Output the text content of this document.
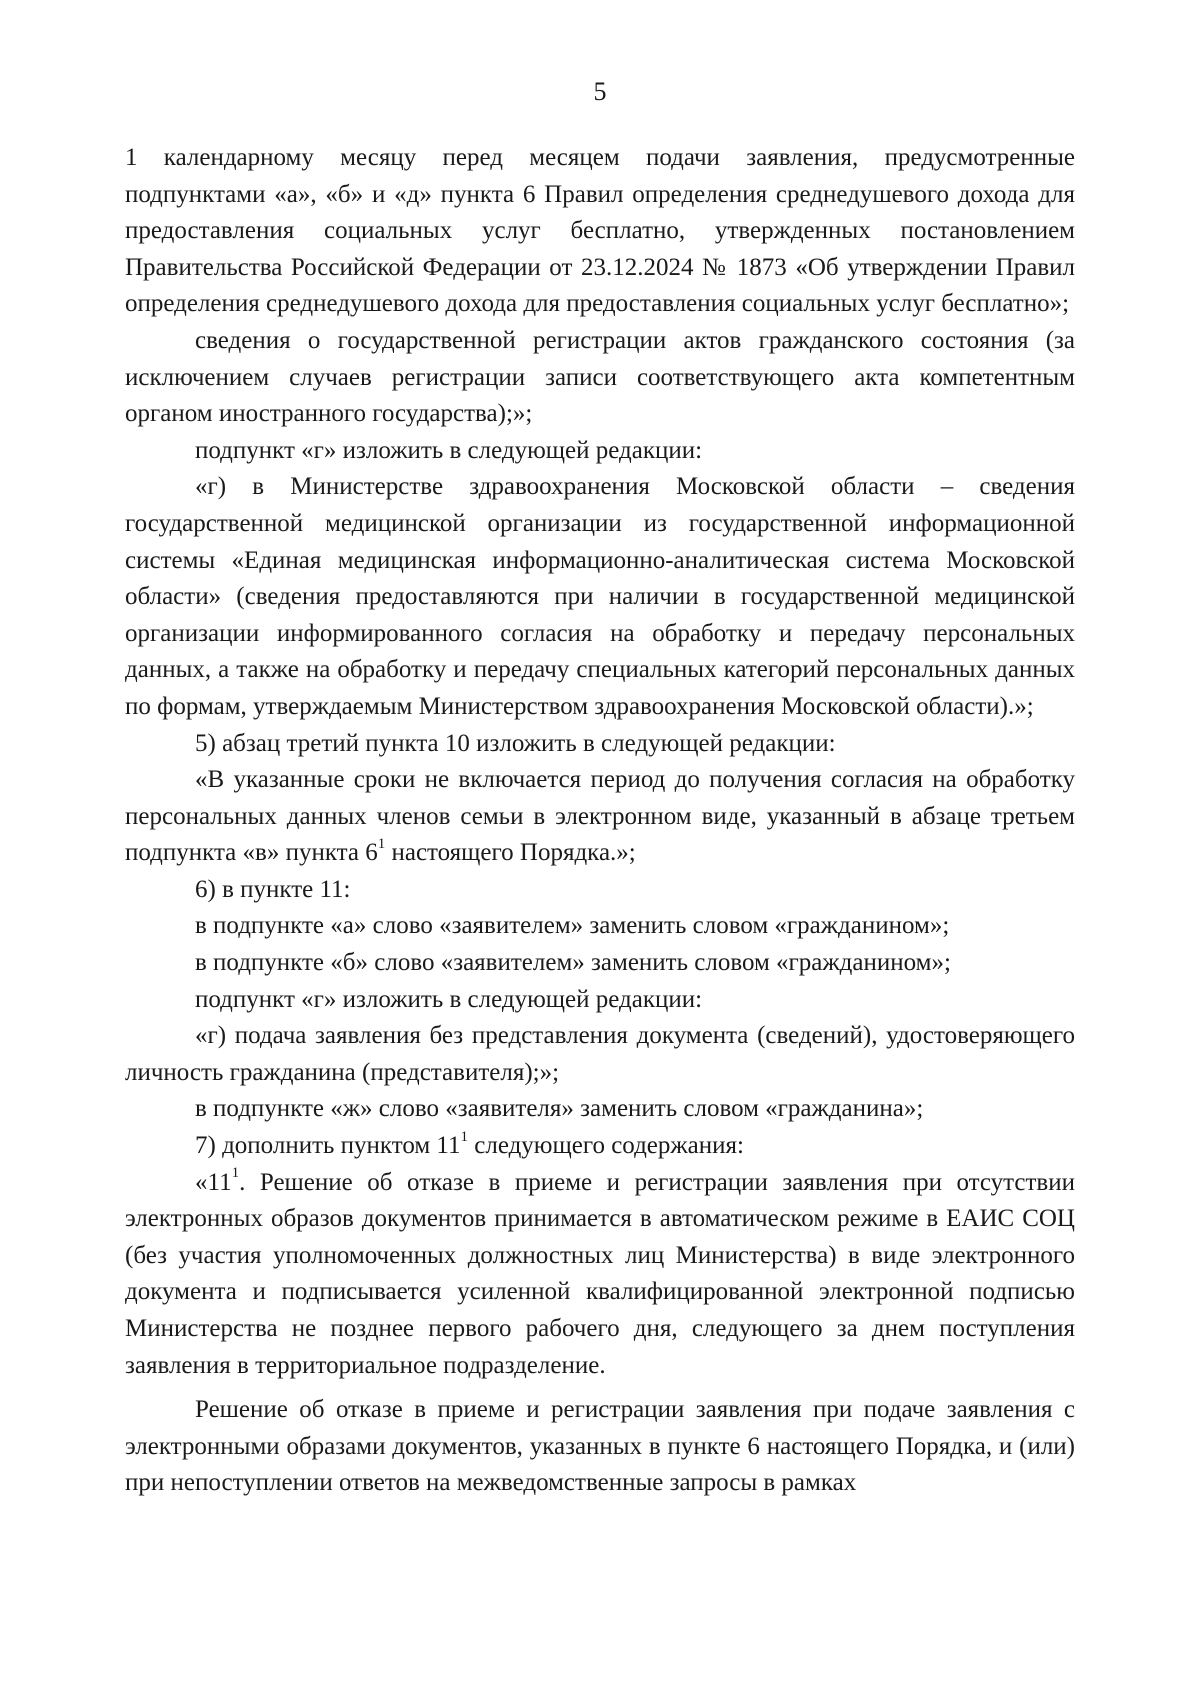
5

1 календарному месяцу перед месяцем подачи заявления, предусмотренные подпунктами «а», «б» и «д» пункта 6 Правил определения среднедушевого дохода для предоставления социальных услуг бесплатно, утвержденных постановлением Правительства Российской Федерации от 23.12.2024 № 1873 «Об утверждении Правил определения среднедушевого дохода для предоставления социальных услуг бесплатно»;

сведения о государственной регистрации актов гражданского состояния (за исключением случаев регистрации записи соответствующего акта компетентным органом иностранного государства);»;

подпункт «г» изложить в следующей редакции:

«г) в Министерстве здравоохранения Московской области – сведения государственной медицинской организации из государственной информационной системы «Единая медицинская информационно-аналитическая система Московской области» (сведения предоставляются при наличии в государственной медицинской организации информированного согласия на обработку и передачу персональных данных, а также на обработку и передачу специальных категорий персональных данных по формам, утверждаемым Министерством здравоохранения Московской области).»;

5) абзац третий пункта 10 изложить в следующей редакции:

«В указанные сроки не включается период до получения согласия на обработку персональных данных членов семьи в электронном виде, указанный в абзаце третьем подпункта «в» пункта $6^1$ настоящего Порядка.»;

6) в пункте 11:

в подпункте «а» слово «заявителем» заменить словом «гражданином»;

в подпункте «б» слово «заявителем» заменить словом «гражданином»;

подпункт «г» изложить в следующей редакции:

«г) подача заявления без представления документа (сведений), удостоверяющего личность гражданина (представителя);»;

в подпункте «ж» слово «заявителя» заменить словом «гражданина»;

7) дополнить пунктом $11^1$ следующего содержания:

«$11^1$. Решение об отказе в приеме и регистрации заявления при отсутствии электронных образов документов принимается в автоматическом режиме в ЕАИС СОЦ (без участия уполномоченных должностных лиц Министерства) в виде электронного документа и подписывается усиленной квалифицированной электронной подписью Министерства не позднее первого рабочего дня, следующего за днем поступления заявления в территориальное подразделение.

Решение об отказе в приеме и регистрации заявления при подаче заявления с электронными образами документов, указанных в пункте 6 настоящего Порядка, и (или) при непоступлении ответов на межведомственные запросы в рамках
